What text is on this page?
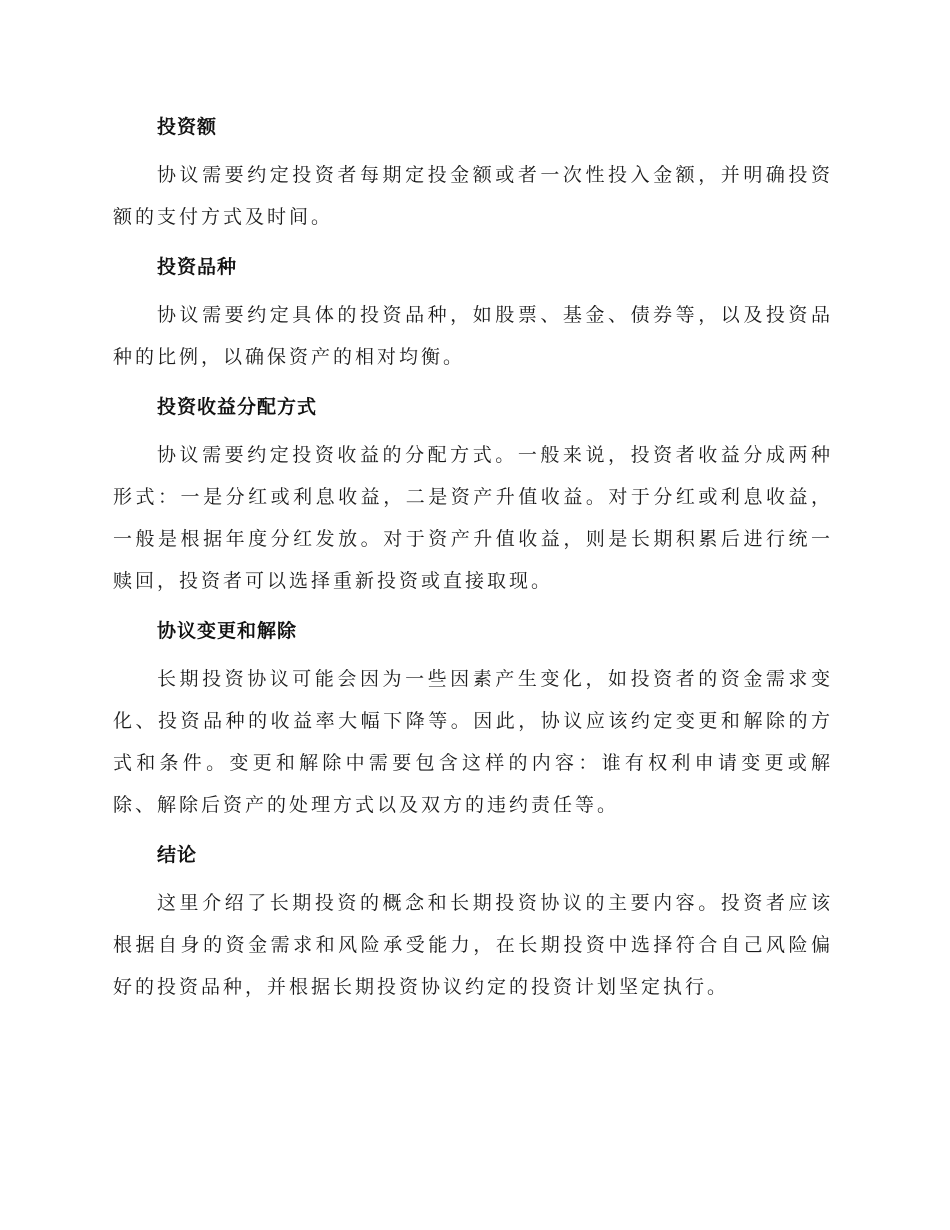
投资额

协议需要约定投资者每期定投金额或者一次性投入金额，并明确投资额的支付方式及时间。

投资品种

协议需要约定具体的投资品种，如股票、基金、债券等，以及投资品种的比例，以确保资产的相对均衡。

投资收益分配方式

协议需要约定投资收益的分配方式。一般来说，投资者收益分成两种形式：一是分红或利息收益，二是资产升值收益。对于分红或利息收益，一般是根据年度分红发放。对于资产升值收益，则是长期积累后进行统一赎回，投资者可以选择重新投资或直接取现。

协议变更和解除

长期投资协议可能会因为一些因素产生变化，如投资者的资金需求变化、投资品种的收益率大幅下降等。因此，协议应该约定变更和解除的方式和条件。变更和解除中需要包含这样的内容：谁有权利申请变更或解除、解除后资产的处理方式以及双方的违约责任等。

结论

这里介绍了长期投资的概念和长期投资协议的主要内容。投资者应该根据自身的资金需求和风险承受能力，在长期投资中选择符合自己风险偏好的投资品种，并根据长期投资协议约定的投资计划坚定执行。
